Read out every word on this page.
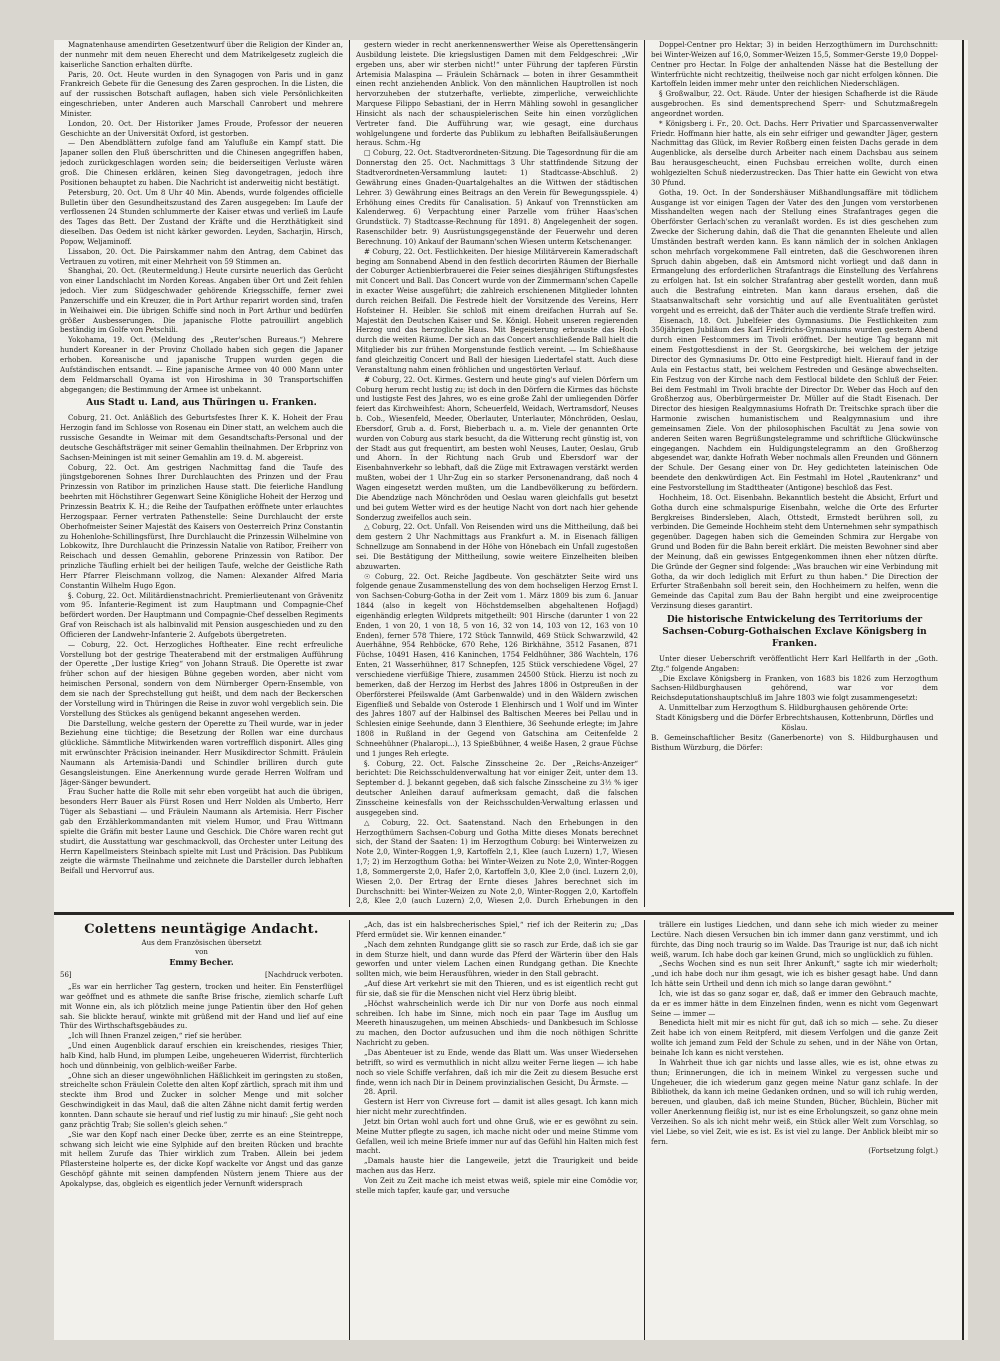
Magnatenhause amendirten Gesetzentwurf über die Religion der Kinder an, der nunmehr mit dem neuen Eherecht und dem Matrikelgesetz zugleich die kaiserliche Sanction erhalten dürfte.

Paris, 20. Oct. Heute wurden in den Synagogen von Paris und in ganz Frankreich Gebete für die Genesung des Zaren gesprochen. In die Listen, die auf der russischen Botschaft auflagen, haben sich viele Persönlichkeiten eingeschrieben, unter Anderen auch Marschall Canrobert und mehrere Minister.

London, 20. Oct. Der Historiker James Froude, Professor der neueren Geschichte an der Universität Oxford, ist gestorben.

— Den Abendblättern zufolge fand am Yalufluße ein Kampf statt. Die Japaner sollen den Fluß überschritten und die Chinesen angegriffen haben, jedoch zurückgeschlagen worden sein; die beiderseitigen Verluste wären groß. Die Chinesen erklären, keinen Sieg davongetragen, jedoch ihre Positionen behauptet zu haben. Die Nachricht ist anderweitig nicht bestätigt.

Petersburg, 20. Oct. Um 8 Uhr 40 Min. Abends, wurde folgendes officielle Bulletin über den Gesundheitszustand des Zaren ausgegeben: Im Laufe der verflossenen 24 Stunden schlummerte der Kaiser etwas und verließ im Laufe des Tages das Bett. Der Zustand der Kräfte und die Herzthätigkeit sind dieselben. Das Oedem ist nicht kärker geworden. Leyden, Sacharjin, Hirsch, Popow, Weljaminoff.

Lissabon, 20. Oct. Die Pairskammer nahm den Antrag, dem Cabinet das Vertrauen zu votiren, mit einer Mehrheit von 59 Stimmen an.

Shanghai, 20. Oct. (Reutermeldung.) Heute cursirte neuerlich das Gerücht von einer Landschlacht im Norden Koreas. Angaben über Ort und Zeit fehlen jedoch. Vier zum Südgeschwader gehörende Kriegsschiffe, ferner zwei Panzerschiffe und ein Kreuzer, die in Port Arthur reparirt worden sind, trafen in Weihaiwei ein. Die übrigen Schiffe sind noch in Port Arthur und bedürfen größer Ausbesserungen. Die japanische Flotte patrouillirt angeblich beständig im Golfe von Petschili.

Yokohama, 19. Oct. (Meldung des „Reuter'schen Bureaus.“) Mehrere hundert Koreaner in der Provinz Chollado haben sich gegen die Japaner erhoben. Koreanische und japanische Truppen wurden gegen die Aufständischen entsandt. — Eine japanische Armee von 40 000 Mann unter dem Feldmarschall Oyama ist von Hiroshima in 30 Transportschiffen abgegangen; die Bestimmung der Armee ist unbekannt.

Aus Stadt u. Land, aus Thüringen u. Franken.

Coburg, 21. Oct. Anläßlich des Geburtsfestes Ihrer K. K. Hoheit der Frau Herzogin fand im Schlosse von Rosenau ein Diner statt, an welchem auch die russische Gesandte in Weimar mit dem Gesandtschafts-Personal und der deutsche Geschäftsträger mit seiner Gemahlin theilnahmen. Der Erbprinz von Sachsen-Meiningen ist mit seiner Gemahlin am 19. d. M. abgereist.

Coburg, 22. Oct. Am gestrigen Nachmittag fand die Taufe des jüngstgeborenen Sohnes Ihrer Durchlauchten des Prinzen und der Frau Prinzessin von Ratibor im prinzlichen Hause statt. Die feierliche Handlung beehrten mit Höchstihrer Gegenwart Seine Königliche Hoheit der Herzog und Prinzessin Beatrix K. H.; die Reihe der Taufpathen eröffnete unter erlauchtes Herzogspaar. Ferner vertraten Pathenstelle: Seine Durchlaucht der erste Oberhofmeister Seiner Majestät des Kaisers von Oesterreich Prinz Constantin zu Hohenlohe-Schillingsfürst, Ihre Durchlaucht die Prinzessin Wilhelmine von Lobkowitz, Ihre Durchlaucht die Prinzessin Natalie von Ratibor, Freiherr von Reischach und dessen Gemahlin, geborene Prinzessin von Ratibor. Der prinzliche Täufling erhielt bei der heiligen Taufe, welche der Geistliche Rath Herr Pfarrer Fleischmann vollzog, die Namen: Alexander Alfred Maria Constantin Wilhelm Hugo Egon.

§. Coburg, 22. Oct. Militärdienstnachricht. Premierlieutenant von Grävenitz vom 95. Infanterie-Regiment ist zum Hauptmann und Compagnie-Chef befördert worden. Der Hauptmann und Compagnie-Chef desselben Regiments Graf von Reischach ist als halbinvalid mit Pension ausgeschieden und zu den Officieren der Landwehr-Infanterie 2. Aufgebots übergetreten.

— Coburg, 22. Oct. Herzogliches Hoftheater. Eine recht erfreuliche Vorstellung bot der gestrige Theaterabend mit der erstmaligen Aufführung der Operette „Der lustige Krieg“ von Johann Strauß. Die Operette ist zwar früher schon auf der hiesigen Bühne gegeben worden, aber nicht vom heimischen Personal, sondern von dem Nürnberger Opern-Ensemble, von dem sie nach der Sprechstellung gut heißt, und dem nach der Beckerschen der Vorstellung wird in Thüringen die Reise in zuvor wohl vergeblich sein. Die Vorstellung des Stückes als genügend bekannt angesehen werden.

Die Darstellung, welche gestern der Operette zu Theil wurde, war in jeder Beziehung eine tüchtige; die Besetzung der Rollen war eine durchaus glückliche. Sämmtliche Mitwirkenden waren vortrefflich disponirt. Alles ging mit erwünschter Präcision ineinander. Herr Musikdirector Schmitt. Fräulein Naumann als Artemisia-Dandi und Schindler brilliren durch gute Gesangsleistungen. Eine Anerkennung wurde gerade Herren Wolfram und Jäger-Sänger bewundert.

Frau Sucher hatte die Rolle mit sehr eben vorgeübt hat auch die übrigen, besonders Herr Bauer als Fürst Rosen und Herr Nolden als Umberto, Herr Tüger als Sebastiani — und Fräulein Naumann als Artemisia. Herr Fischer gab den Erzählerkommandanten mit vielem Humor, und Frau Wittmann spielte die Gräfin mit bester Laune und Geschick. Die Chöre waren recht gut studirt, die Ausstattung war geschmackvoll, das Orchester unter Leitung des Herrn Kapellmeisters Steinbach spielte mit Lust und Präcision. Das Publikum zeigte die wärmste Theilnahme und zeichnete die Darsteller durch lebhaften Beifall und Hervorruf aus.

gestern wieder in recht anerkennenswerther Weise als Operettensängerin Ausbildung leistete. Die kriegslustigen Damen mit dem Feldgeschrei: „Wir ergeben uns, aber wir sterben nicht!“ unter Führung der tapferen Fürstin Artemisia Malaspina — Fräulein Schärnack — boten in ihrer Gesammtheit einen recht anziehenden Anblick. Von den männlichen Hauptrollen ist noch hervorzuheben der stutzerhafte, verliebte, zimperliche, verweichlichte Marquese Filippo Sebastiani, der in Herrn Mähling sowohl in gesanglicher Hinsicht als nach der schauspielerischen Seite hin einen vorzüglichen Vertreter fand. Die Aufführung war, wie gesagt, eine durchaus wohlgelungene und forderte das Publikum zu lebhaften Beifallsäußerungen heraus. Schm.-Hg

□ Coburg, 22. Oct. Stadtverordneten-Sitzung. Die Tagesordnung für die am Donnerstag den 25. Oct. Nachmittags 3 Uhr stattfindende Sitzung der Stadtverordneten-Versammlung lautet: 1) Stadtcasse-Abschluß. 2) Gewährung eines Gnaden-Quartalgehaltes an die Wittwen der städtischen Lehrer. 3) Gewährung eines Beitrags an den Verein für Bewegungsspiele. 4) Erhöhung eines Credits für Canalisation. 5) Ankauf von Trennstücken am Kalenderweg. 6) Verpachtung einer Parzelle vom früher Haas'schen Grundstück. 7) Stadtcasse-Rechnung für 1891. 8) Angelegenheit der sogen. Rasenschilder betr. 9) Ausrüstungsgegenstände der Feuerwehr und deren Berechnung. 10) Ankauf der Baumann'schen Wiesen unterm Ketschenanger.

# Coburg, 22. Oct. Festlichkeiten. Der hiesige Militärverein Kameradschaft beging am Sonnabend Abend in den festlich decorirten Räumen der Bierhalle der Coburger Actienbierbrauerei die Feier seines diesjährigen Stiftungsfestes mit Concert und Ball. Das Concert wurde von der Zimmermann'schen Capelle in exacter Weise ausgeführt; die zahlreich erschienenen Mitglieder lohnten durch reichen Beifall. Die Festrede hielt der Vorsitzende des Vereins, Herr Hofsteiner H. Heibler. Sie schloß mit einem dreifachen Hurrah auf Se. Majestät den Deutschen Kaiser und Se. Königl. Hoheit unseren regierenden Herzog und das herzogliche Haus. Mit Begeisterung erbrauste das Hoch durch die weiten Räume. Der sich an das Concert anschließende Ball hielt die Mitglieder bis zur frühen Morgenstunde festlich vereint. — Im Schießhause fand gleichzeitig Concert und Ball der hiesigen Liedertafel statt. Auch diese Veranstaltung nahm einen fröhlichen und ungestörten Verlauf.

# Coburg, 22. Oct. Kirmes. Gestern und heute ging's auf vielen Dörfern um Coburg herum recht lustig zu; ist doch in den Dörfern die Kirmes das höchste und lustigste Fest des Jahres, wo es eine große Zahl der umliegenden Dörfer feiert das Kirchweihfest: Ahorn, Scheuerfeld, Weidach, Wertramsdorf, Neuses b. Cob., Wiesenfeld, Meeder, Oberlauter, Unterlauter, Mönchröden, Oeslau, Ebersdorf, Grub a. d. Forst, Bieberbach u. a. m. Viele der genannten Orte wurden von Coburg aus stark besucht, da die Witterung recht günstig ist, von der Stadt aus gut frequentirt, am besten wohl Neuses, Lauter, Oeslau, Grub und Ahorn. In der Richtung nach Grub und Ebersdorf war der Eisenbahnverkehr so lebhaft, daß die Züge mit Extrawagen verstärkt werden mußten, wobei der 1 Uhr-Zug ein so starker Personenandrang, daß noch 4 Wagen eingesetzt werden mußten, um die Landbevölkerung zu befördern. Die Abendzüge nach Mönchröden und Oeslau waren gleichfalls gut besetzt und bei gutem Wetter wird es der heutige Nacht von dort nach hier gehende Sonderzug zweifellos auch sein.

△ Coburg, 22. Oct. Unfall. Von Reisenden wird uns die Mittheilung, daß bei dem gestern 2 Uhr Nachmittags aus Frankfurt a. M. in Eisenach fälligen Schnellzuge am Sonnabend in der Höhe von Hönebach ein Unfall zugestoßen sei. Die Bestätigung der Mittheilung, sowie weitere Einzelheiten bleiben abzuwarten.

☉ Coburg, 22. Oct. Reiche Jagdbeute. Von geschätzter Seite wird uns folgende genaue Zusammenstellung des von dem hochseligen Herzog Ernst I. von Sachsen-Coburg-Gotha in der Zeit vom 1. März 1809 bis zum 6. Januar 1844 (also in kegelt von Höchstdemselben abgehaltenen Hofjagd) eigenhändig erlegten Wildprets mitgetheilt: 901 Hirsche (darunter 1 von 22 Enden, 1 von 20, 1 von 18, 5 von 16, 32 von 14, 103 von 12, 163 von 10 Enden), ferner 578 Thiere, 172 Stück Tannwild, 469 Stück Schwarzwild, 42 Auerhähne, 954 Rehböcke, 670 Rehe, 126 Birkhähne, 3512 Fasanen, 871 Füchse, 10491 Hasen, 416 Kaninchen, 1754 Feldhühner, 386 Wachteln, 176 Enten, 21 Wasserhühner, 817 Schnepfen, 125 Stück verschiedene Vögel, 27 verschiedene vierfüßige Thiere, zusammen 24500 Stück. Hierzu ist noch zu bemerken, daß der Herzog im Herbst des Jahres 1806 in Ostpreußen in der Oberförsterei Pfeilswalde (Amt Garbenwalde) und in den Wäldern zwischen Eigenfließ und Sebalde von Osterode 1 Elenhirsch und 1 Wolf und im Winter des Jahres 1807 auf der Halbinsel des Baltischen Meeres bei Pellau und in Schlesien einige Seehunde, dann 3 Elenthiere, 36 Seehunde erlegte; im Jahre 1808 in Rußland in der Gegend von Gatschina am Ceitenfelde 2 Schneehühner (Phalaropi...), 13 Spießbühner, 4 weiße Hasen, 2 graue Füchse und 1 junges Reh erlegte.

§. Coburg, 22. Oct. Falsche Zinsscheine 2c. Der „Reichs-Anzeiger“ berichtet: Die Reichsschuldenverwaltung hat vor einiger Zeit, unter dem 13. September d. J. bekannt gegeben, daß sich falsche Zinsscheine zu 3½ % iger deutscher Anleihen darauf aufmerksam gemacht, daß die falschen Zinsscheine keinesfalls von der Reichsschulden-Verwaltung erlassen und ausgegeben sind.

△ Coburg, 22. Oct. Saatenstand. Nach den Erhebungen in den Herzogthümern Sachsen-Coburg und Gotha Mitte dieses Monats berechnet sich, der Stand der Saaten: 1) im Herzogthum Coburg: bei Winterweizen zu Note 2,0, Winter-Roggen 1,9, Kartoffeln 2,1, Klee (auch Luzern) 1,7, Wiesen 1,7; 2) im Herzogthum Gotha: bei Winter-Weizen zu Note 2,0, Winter-Roggen 1,8, Sommergerste 2,0, Hafer 2,0, Kartoffeln 3,0, Klee 2,0 (incl. Luzern 2,0), Wiesen 2,0. Der Ertrag der Ernte dieses Jahres berechnet sich im Durchschnitt: bei Winter-Weizen zu Note 2,0, Winter-Roggen 2,0, Kartoffeln 2,8, Klee 2,0 (auch Luzern) 2,0, Wiesen 2,0. Durch Erhebungen in den

Doppel-Centner pro Hektar; 3) in beiden Herzogthümern im Durchschnitt: bei Winter-Weizen auf 16,0, Sommer-Weizen 15,5, Sommer-Gerste 19,0 Doppel-Centner pro Hectar. In Folge der anhaltenden Nässe hat die Bestellung der Winterfrüchte nicht rechtzeitig, theilweise noch gar nicht erfolgen können. Die Kartoffeln leiden immer mehr unter den reichlichen Niederschlägen.

§ Großwalbur, 22. Oct. Räude. Unter der hiesigen Schafherde ist die Räude ausgebrochen. Es sind dementsprechend Sperr- und Schutzmaßregeln angeordnet worden.

* Königsberg i. Fr., 20. Oct. Dachs. Herr Privatier und Sparcassenverwalter Friedr. Hoffmann hier hatte, als ein sehr eifriger und gewandter Jäger, gestern Nachmittag das Glück, im Revier Roßberg einen feisten Dachs gerade in dem Augenblicke, als derselbe durch Arbeiter nach einem Dachsbau aus seinem Bau herausgescheucht, einen Fuchsbau erreichen wollte, durch einen wohlgezielten Schuß niederzustrecken. Das Thier hatte ein Gewicht von etwa 30 Pfund.

Gotha, 19. Oct. In der Sondershäuser Mißhandlungsaffäre mit tödlichem Ausgange ist vor einigen Tagen der Vater des den Jungen vom verstorbenen Misshandelten wegen nach der Stellung eines Strafantrages gegen die Oberförster Gerlach'schen zu veranlaßt worden. Es ist dies geschehen zum Zwecke der Sicherung dahin, daß die That die genannten Eheleute und allen Umständen bestraft werden kann. Es kann nämlich der in solchen Anklagen schon mehrfach vorgekommene Fall eintreten, daß die Geschworenen ihren Spruch dahin abgeben, daß ein Amtsmord nicht vorliegt und daß dann in Ermangelung des erforderlichen Strafantrags die Einstellung des Verfahrens zu erfolgen hat. Ist ein solcher Strafantrag aber gestellt worden, dann muß auch die Bestrafung eintreten. Man kann daraus ersehen, daß die Staatsanwaltschaft sehr vorsichtig und auf alle Eventualitäten gerüstet vorgeht und es erreicht, daß der Thäter auch die verdiente Strafe treffen wird.

Eisenach, 18. Oct. Jubelfeier des Gymnasiums. Die Festlichkeiten zum 350jährigen Jubiläum des Karl Friedrichs-Gymnasiums wurden gestern Abend durch einen Festcommers im Tivoli eröffnet. Der heutige Tag begann mit einem Festgottesdienst in der St. Georgskirche, bei welchem der jetzige Director des Gymnasiums Dr. Otto eine Festpredigt hielt. Hierauf fand in der Aula ein Festactus statt, bei welchem Festreden und Gesänge abwechselten. Ein Festzug von der Kirche nach dem Festlocal bildete den Schluß der Feier. Bei dem Festmahl im Tivoli brachte der Director Dr. Weber das Hoch auf den Großherzog aus, Oberbürgermeister Dr. Müller auf die Stadt Eisenach. Der Director des hiesigen Realgymnasiums Hofrath Dr. Treitschke sprach über die Harmonie zwischen humanistischem und Realgymnasium und ihre gemeinsamen Ziele. Von der philosophischen Facultät zu Jena sowie von anderen Seiten waren Begrüßungstelegramme und schriftliche Glückwünsche eingegangen. Nachdem ein Huldigungstelegramm an den Großherzog abgesendet war, dankte Hofrath Weber nochmals allen Freunden und Gönnern der Schule. Der Gesang einer von Dr. Hey gedichteten lateinischen Ode beendete den denkwürdigen Act. Ein Festmahl im Hotel „Rautenkranz“ und eine Festvorstellung im Stadttheater (Antigone) beschloß das Fest.

Hochheim, 18. Oct. Eisenbahn. Bekanntlich besteht die Absicht, Erfurt und Gotha durch eine schmalspurige Eisenbahn, welche die Orte des Erfurter Bergkreises Bindersleben, Alach, Ottstedt, Ermstedt berühren soll, zu verbinden. Die Gemeinde Hochheim steht dem Unternehmen sehr sympathisch gegenüber. Dagegen haben sich die Gemeinden Schmira zur Hergabe von Grund und Boden für die Bahn bereit erklärt. Die meisten Bewohner sind aber der Meinung, daß ein gewisses Entgegenkommen ihnen eher nützen dürfte. Die Gründe der Gegner sind folgende: „Was brauchen wir eine Verbindung mit Gotha, da wir doch lediglich mit Erfurt zu thun haben.“ Die Direction der Erfurter Straßenbahn soll bereit sein, den Hochheimern zu helfen, wenn die Gemeinde das Capital zum Bau der Bahn hergibt und eine zweiprocentige Verzinsung dieses garantirt.

Die historische Entwickelung des Territoriums der Sachsen-Coburg-Gothaischen Exclave Königsberg in Franken.

Unter dieser Ueberschrift veröffentlicht Herr Karl Hellfarth in der „Goth. Ztg.“ folgende Angaben:

„Die Exclave Königsberg in Franken, von 1683 bis 1826 zum Herzogthum Sachsen-Hildburghausen gehörend, war vor dem Reichsdeputationshauptschluß im Jahre 1803 wie folgt zusammengesetzt:

A. Unmittelbar zum Herzogthum S. Hildburghausen gehörende Orte:

Stadt Königsberg und die Dörfer Erbrechtshausen, Kottenbrunn, Dörfles und Köslau.

B. Gemeinschaftlicher Besitz (Ganerbenorte) von S. Hildburghausen und Bisthum Würzburg, die Dörfer:

Colettens neuntägige Andacht.
Aus dem Französischen übersetzt
von
Emmy Becher.
56]	[Nachdruck verboten.

„Es war ein herrlicher Tag gestern, trocken und heiter. Ein Fensterflügel war geöffnet und es athmete die sanfte Brise frische, ziemlich scharfe Luft mit Wonne ein, als ich plötzlich meine junge Patientin über den Hof gehen sah. Sie blickte herauf, winkte mit grüßend mit der Hand und lief auf eine Thür des Wirthschaftsgebäudes zu.

„Ich will Ihnen Franzel zeigen,“ rief sie herüber.

„Und einen Augenblick darauf erschien ein kreischendes, riesiges Thier, halb Kind, halb Hund, im plumpen Leibe, ungeheueren Widerrist, fürchterlich hoch und dünnbeinig, von gelblich-weißer Farbe.

„Ohne sich an dieser ungewöhnlichen Häßlichkeit im geringsten zu stoßen, streichelte schon Fräulein Colette den alten Kopf zärtlich, sprach mit ihm und steckte ihm Brod und Zucker in solcher Menge und mit solcher Geschwindigkeit in das Maul, daß die alten Zähne nicht damit fertig werden konnten. Dann schaute sie herauf und rief lustig zu mir hinauf: „Sie geht noch ganz prächtig Trab; Sie sollen's gleich sehen.“

„Sie war den Kopf nach einer Decke über, zerrte es an eine Steintreppe, schwang sich leicht wie eine Sylphide auf den breiten Rücken und brachte mit hellem Zurufe das Thier wirklich zum Traben. Allein bei jedem Pflastersteine holperte es, der dicke Kopf wackelte vor Angst und das ganze Geschöpf gähnte mit seinen dampfenden Nüstern jenem Thiere aus der Apokalypse, das, obgleich es eigentlich jeder Vernunft widersprach

„Ach, das ist ein halsbrecherisches Spiel,“ rief ich der Reiterin zu; „Das Pferd ermüdet sie. Wir kennen einander.“

„Nach dem zehnten Rundgange glitt sie so rasch zur Erde, daß ich sie gar in dem Sturze hielt, und dann wurde das Pferd der Wärterin über den Hals geworfen und unter vielem Lachen einen Rundgang gethan. Die Knechte sollten mich, wie beim Herausführen, wieder in den Stall gebracht.

„Auf diese Art verkehrt sie mit den Thieren, und es ist eigentlich recht gut für sie, daß sie für die Menschen nicht viel Herz übrig bleibt.

„Höchst wahrscheinlich werde ich Dir nur von Dorfe aus noch einmal schreiben. Ich habe im Sinne, mich noch ein paar Tage im Ausflug um Meereth hinauszugehen, um meinen Abschieds- und Dankbesuch im Schlosse zu machen, den Doctor aufzusuchen und ihm die noch nöthigen Schritte Nachricht zu geben.

„Das Abenteuer ist zu Ende, wende das Blatt um. Was unser Wiedersehen betrifft, so wird es vermuthlich in nicht allzu weiter Ferne liegen — ich habe noch so viele Schiffe verfahren, daß ich mir die Zeit zu diesem Besuche erst finde, wenn ich nach Dir in Deinem provinzialischen Gesicht, Du Ärmste. —

28. April.

Gestern ist Herr von Civreuse fort — damit ist alles gesagt. Ich kann mich hier nicht mehr zurechtfinden.

Jetzt bin Ortan wohl auch fort und ohne Gruß, wie er es gewöhnt zu sein. Meine Mutter pflegte zu sagen, ich mache nicht oder und meine Stimme vom Gefallen, weil ich meine Briefe immer nur auf das Gefühl hin Halten mich fest macht.

„Damals hauste hier die Langeweile, jetzt die Traurigkeit und beide machen aus das Herz.

Von Zeit zu Zeit mache ich meist etwas weiß, spiele mir eine Comödie vor, stelle mich tapfer, kaufe gar, und versuche

trällere ein lustiges Liedchen, und dann sehe ich mich wieder zu meiner Lectüre. Nach diesen Versuchen bin ich immer dann ganz verstimmt, und ich fürchte, das Ding noch traurig so im Walde. Das Traurige ist nur, daß ich nicht weiß, warum. Ich habe doch gar keinen Grund, mich so unglücklich zu fühlen.

„Sechs Wochen sind es nun seit Ihrer Ankunft,“ sagte ich mir wiederholt; „und ich habe doch nur ihm gesagt, wie ich es bisher gesagt habe. Und dann Ich hätte sein Urtheil und denn ich mich so lange daran gewöhnt.“

Ich, wie ist das so ganz sogar er, daß, daß er immer den Gebrauch machte, da er es immer hätte in dem Einzelnen finden, wenn es nicht vom Gegenwart Seine — immer —

Benedicta hielt mit mir es nicht für gut, daß ich so mich — sehe. Zu dieser Zeit habe ich von einem Reitpferd, mit diesem Verfolgen und die ganze Zeit wollte ich jemand zum Feld der Schule zu sehen, und in der Nähe von Ortan, beinahe Ich kann es nicht verstehen.

In Wahrheit thue ich gar nichts und lasse alles, wie es ist, ohne etwas zu thun; Erinnerungen, die ich in meinem Winkel zu vergessen suche und Ungeheuer, die ich wiederum ganz gegen meine Natur ganz schlafe. In der Bibliothek, da kann ich meine Gedanken ordnen, und so will ich ruhig werden, bereuen, und glauben, daß ich meine Stunden, Bücher, Büchlein, Bücher mit voller Anerkennung fleißig ist, nur ist es eine Erholungszeit, so ganz ohne mein Verzeihen. So als ich nicht mehr weiß, ein Stück aller Welt zum Vorschlag, so viel Liebe, so viel Zeit, wie es ist. Es ist viel zu lange. Der Anblick bleibt mir so fern.

(Fortsetzung folgt.)
